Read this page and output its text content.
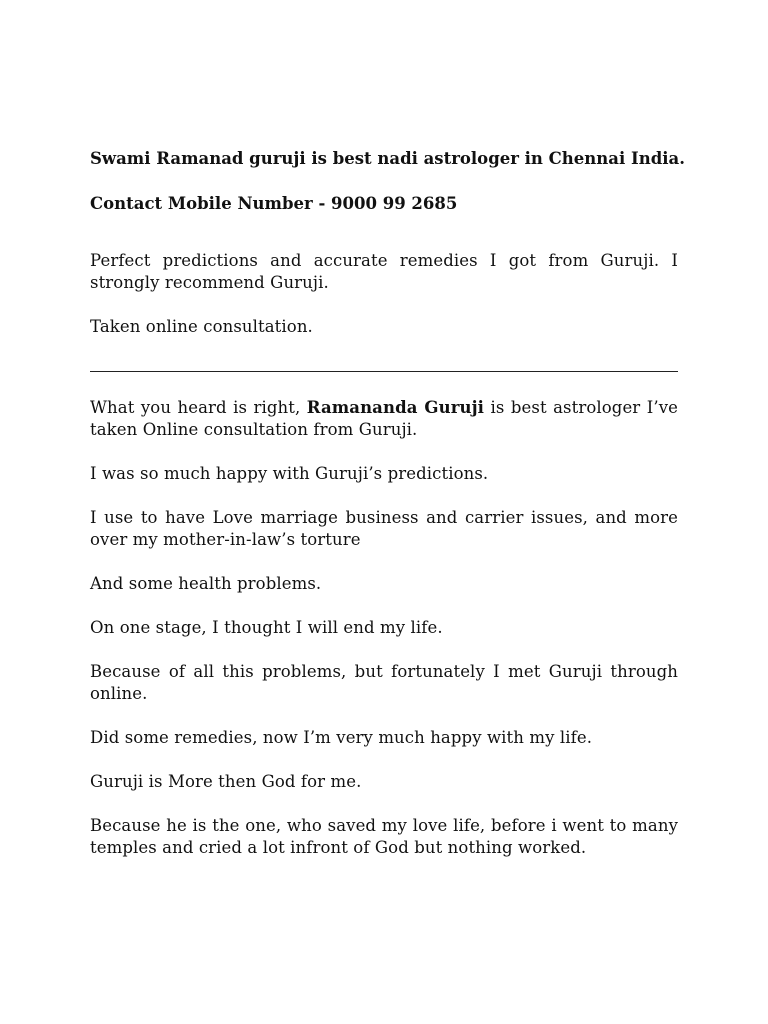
Swami Ramanad guruji is best nadi astrologer in Chennai India.

Contact Mobile Number - 9000 99 2685

Perfect predictions and accurate remedies I got from Guruji. I strongly recommend Guruji.

Taken online consultation.

What you heard is right, Ramananda Guruji is best astrologer I’ve taken Online consultation from Guruji.

I was so much happy with Guruji’s predictions.

I use to have Love marriage business and carrier issues, and more over my mother-in-law’s torture

And some health problems.

On one stage, I thought I will end my life.

Because of all this problems, but fortunately I met Guruji through online.

Did some remedies, now I’m very much happy with my life.

Guruji is More then God for me.

Because he is the one, who saved my love life, before i went to many temples and cried a lot infront of God but nothing worked.
